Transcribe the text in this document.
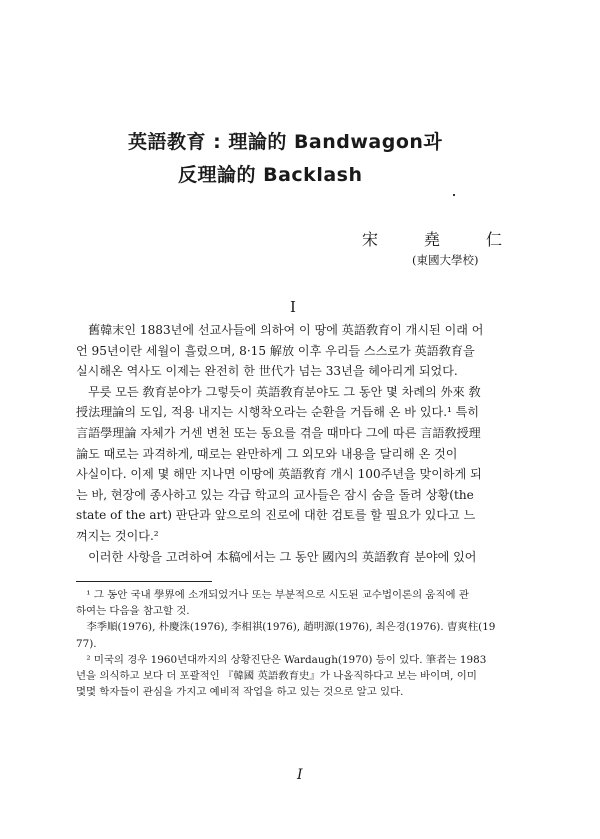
英語教育 : 理論的 Bandwagon과
反理論的 Backlash
宋	堯	仁
(東國大學校)
I
　舊韓末인 1883년에 선교사들에 의하여 이 땅에 英語敎育이 개시된 이래 어
언 95년이란 세월이 흘렀으며, 8·15 解放 이후 우리들 스스로가 英語敎育을
실시해온 역사도 이제는 완전히 한 世代가 넘는 33년을 헤아리게 되었다.
　무릇 모든 敎育분야가 그렇듯이 英語敎育분야도 그 동안 몇 차례의 外來 敎
授法理論의 도입, 적용 내지는 시행착오라는 순환을 거듭해 온 바 있다.¹ 특히
言語學理論 자체가 거센 변천 또는 동요를 겪을 때마다 그에 따른 言語敎授理
論도 때로는 과격하게, 때로는 완만하게 그 외모와 내용을 달리해 온 것이
사실이다. 이제 몇 해만 지나면 이땅에 英語敎育 개시 100주년을 맞이하게 되
는 바, 현장에 종사하고 있는 각급 학교의 교사들은 잠시 숨을 돌려 상황(the
state of the art) 판단과 앞으로의 진로에 대한 검토를 할 필요가 있다고 느
껴지는 것이다.²
　이러한 사항을 고려하여 本稿에서는 그 동안 國內의 英語敎育 분야에 있어
　¹ 그 동안 국내 學界에 소개되었거나 또는 부분적으로 시도된 교수법이론의 움직에 관
하여는 다음을 참고할 것.
　李季順(1976), 朴慶洙(1976), 李相祺(1976), 趙明源(1976), 최은경(1976). 曺爽柱(19
77).
　² 미국의 경우 1960년대까지의 상황진단은 Wardaugh(1970) 등이 있다. 筆者는 1983
년을 의식하고 보다 더 포괄적인 『韓國 英語敎育史』가 나올직하다고 보는 바이며, 이미
몇몇 학자들이 관심을 가지고 예비적 작업을 하고 있는 것으로 알고 있다.
I
